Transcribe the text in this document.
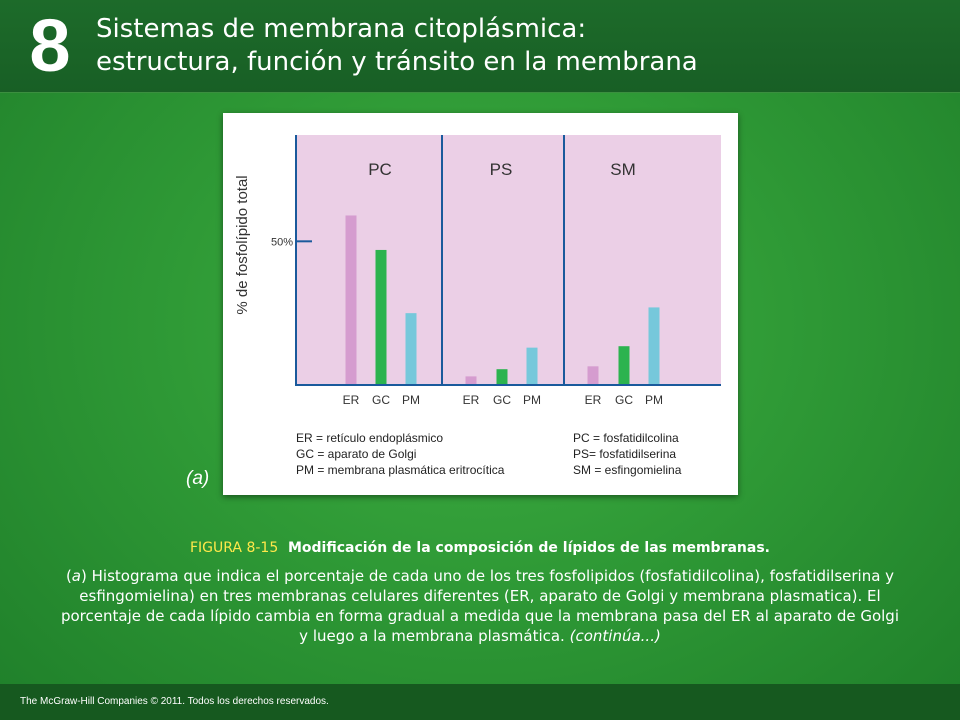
8 Sistemas de membrana citoplásmica:
estructura, función y tránsito en la membrana
PC
ER GC PM
PS
ER GC PM
SM
ER GC PM
% de fosfolípido total 50%
ER = retículo endoplásmico
GC = aparato de Golgi
PM = membrana plasmática eritrocítica
PC = fosfatidilcolina
PS= fosfatidilserina
SM = esfingomielina
(a)
FIGURA 8-15 Modificación de la composición de lípidos de las membranas.
(a) Histograma que indica el porcentaje de cada uno de los tres fosfolipidos (fosfatidilcolina), fosfatidilserina y esfingomielina) en tres membranas celulares diferentes (ER, aparato de Golgi y membrana plasmatica). El porcentaje de cada lípido cambia en forma gradual a medida que la membrana pasa del ER al aparato de Golgi y luego a la membrana plasmática. (continúa...)
The McGraw-Hill Companies © 2011. Todos los derechos reservados.
